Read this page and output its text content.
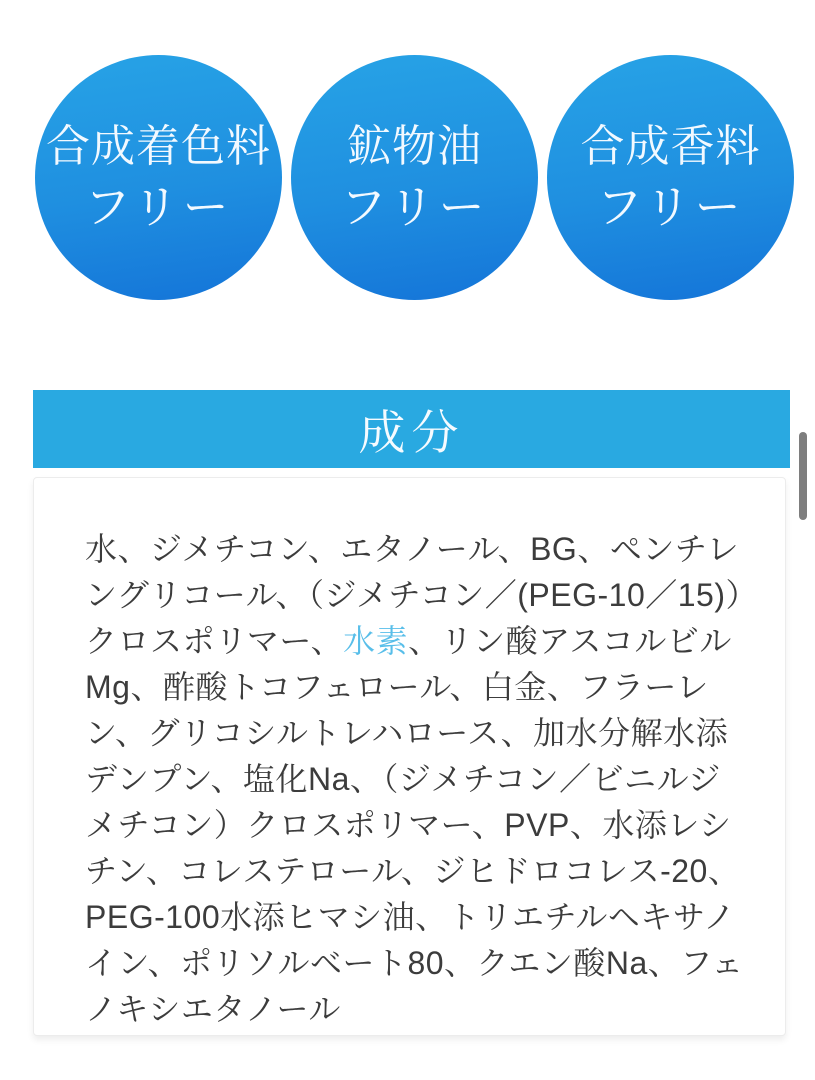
合成着色料
フリー
鉱物油
フリー
合成香料
フリー
成分

水、ジメチコン、エタノール、BG、ペンチレングリコール、（ジメチコン／(PEG-10／15)）クロスポリマー、水素、リン酸アスコルビルMg、酢酸トコフェロール、白金、フラーレン、グリコシルトレハロース、加水分解水添デンプン、塩化Na、（ジメチコン／ビニルジメチコン）クロスポリマー、PVP、水添レシチン、コレステロール、ジヒドロコレス-20、PEG-100水添ヒマシ油、トリエチルヘキサノイン、ポリソルベート80、クエン酸Na、フェノキシエタノール
